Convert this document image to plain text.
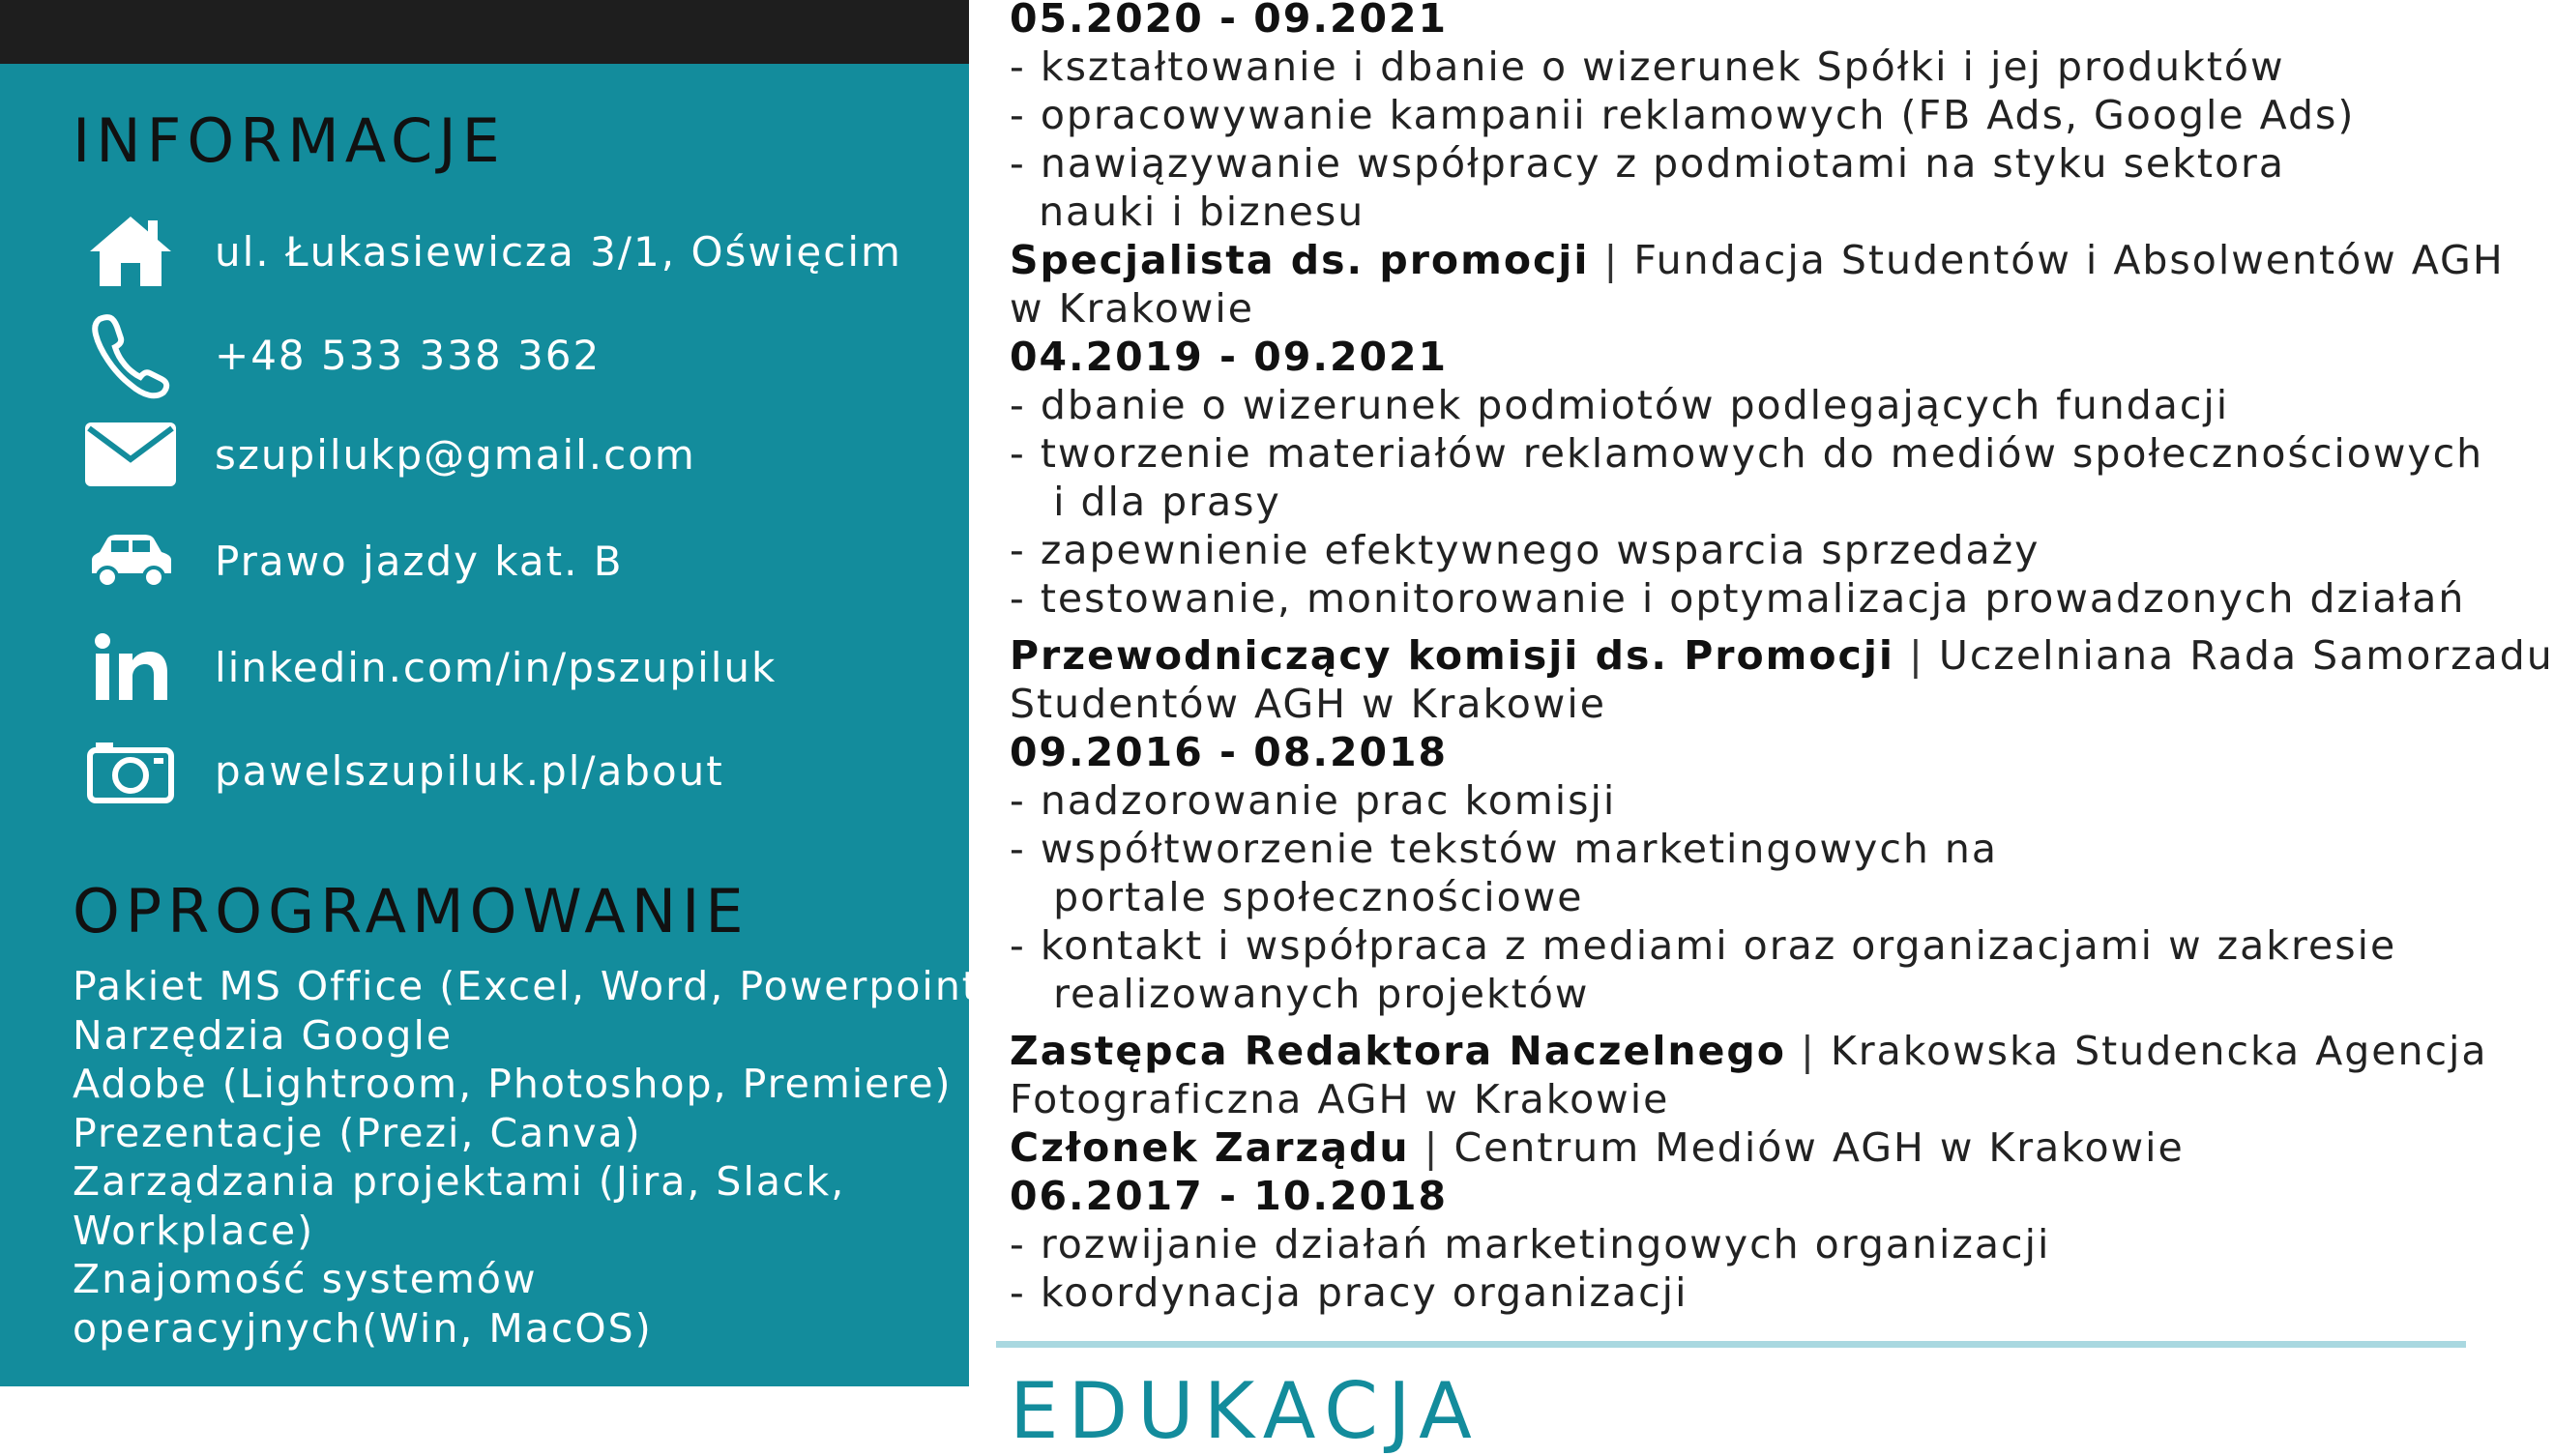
INFORMACJE
ul. Łukasiewicza 3/1, Oświęcim
+48 533 338 362
szupilukp@gmail.com
Prawo jazdy kat. B
linkedin.com/in/pszupiluk
pawelszupiluk.pl/about
OPROGRAMOWANIE
Pakiet MS Office (Excel, Word, Powerpoint)
Narzędzia Google
Adobe (Lightroom, Photoshop, Premiere)
Prezentacje (Prezi, Canva)
Zarządzania projektami (Jira, Slack,
Workplace)
Znajomość systemów
operacyjnych(Win, MacOS)
05.2020 - 09.2021
- kształtowanie i dbanie o wizerunek Spółki i jej produktów
- opracowywanie kampanii reklamowych (FB Ads, Google Ads)
- nawiązywanie współpracy z podmiotami na styku sektora
nauki i biznesu
Specjalista ds. promocji | Fundacja Studentów i Absolwentów AGH
w Krakowie
04.2019 - 09.2021
- dbanie o wizerunek podmiotów podlegających fundacji
- tworzenie materiałów reklamowych do mediów społecznościowych
i dla prasy
- zapewnienie efektywnego wsparcia sprzedaży
- testowanie, monitorowanie i optymalizacja prowadzonych działań
Przewodniczący komisji ds. Promocji | Uczelniana Rada Samorzadu
Studentów AGH w Krakowie
09.2016 - 08.2018
- nadzorowanie prac komisji
- współtworzenie tekstów marketingowych na
portale społecznościowe
- kontakt i współpraca z mediami oraz organizacjami w zakresie
realizowanych projektów
Zastępca Redaktora Naczelnego | Krakowska Studencka Agencja
Fotograficzna AGH w Krakowie
Członek Zarządu | Centrum Mediów AGH w Krakowie
06.2017 - 10.2018
- rozwijanie działań marketingowych organizacji
- koordynacja pracy organizacji
EDUKACJA
